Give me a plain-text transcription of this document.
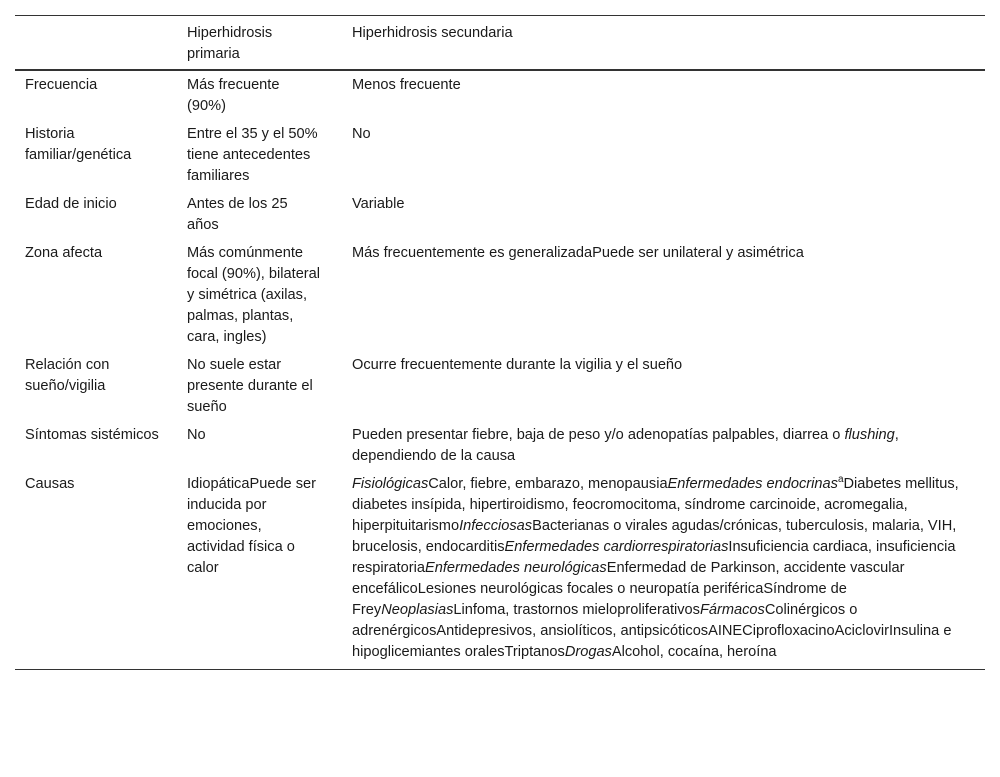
	Hiperhidrosis primaria	Hiperhidrosis secundaria
Frecuencia	Más frecuente (90%)	Menos frecuente
Historia familiar/genética	Entre el 35 y el 50% tiene antecedentes familiares	No
Edad de inicio	Antes de los 25 años	Variable
Zona afecta	Más comúnmente focal (90%), bilateral y simétrica (axilas, palmas, plantas, cara, ingles)	Más frecuentemente es generalizadaPuede ser unilateral y asimétrica
Relación con sueño/vigilia	No suele estar presente durante el sueño	Ocurre frecuentemente durante la vigilia y el sueño
Síntomas sistémicos	No	Pueden presentar fiebre, baja de peso y/o adenopatías palpables, diarrea o flushing, dependiendo de la causa
Causas	IdiopáticaPuede ser inducida por emociones, actividad física o calor	FisiológicasCalor, fiebre, embarazo, menopausiaEnfermedades endocrinas$^a$Diabetes mellitus, diabetes insípida, hipertiroidismo, feocromocitoma, síndrome carcinoide, acromegalia, hiperpituitarismoInfecciosasBacterianas o virales agudas/crónicas, tuberculosis, malaria, VIH, brucelosis, endocarditisEnfermedades cardiorrespiratoriasInsuficiencia cardiaca, insuficiencia respiratoriaEnfermedades neurológicasEnfermedad de Parkinson, accidente vascular encefálicoLesiones neurológicas focales o neuropatía periféricaSíndrome de FreyNeoplasiasLinfoma, trastornos mieloproliferativosFármacosColinérgicos o adrenérgicosAntidepresivos, ansiolíticos, antipsicóticosAINECiprofloxacinoAciclovirInsulina e hipoglicemiantes oralesTriptanosDrogasAlcohol, cocaína, heroína
